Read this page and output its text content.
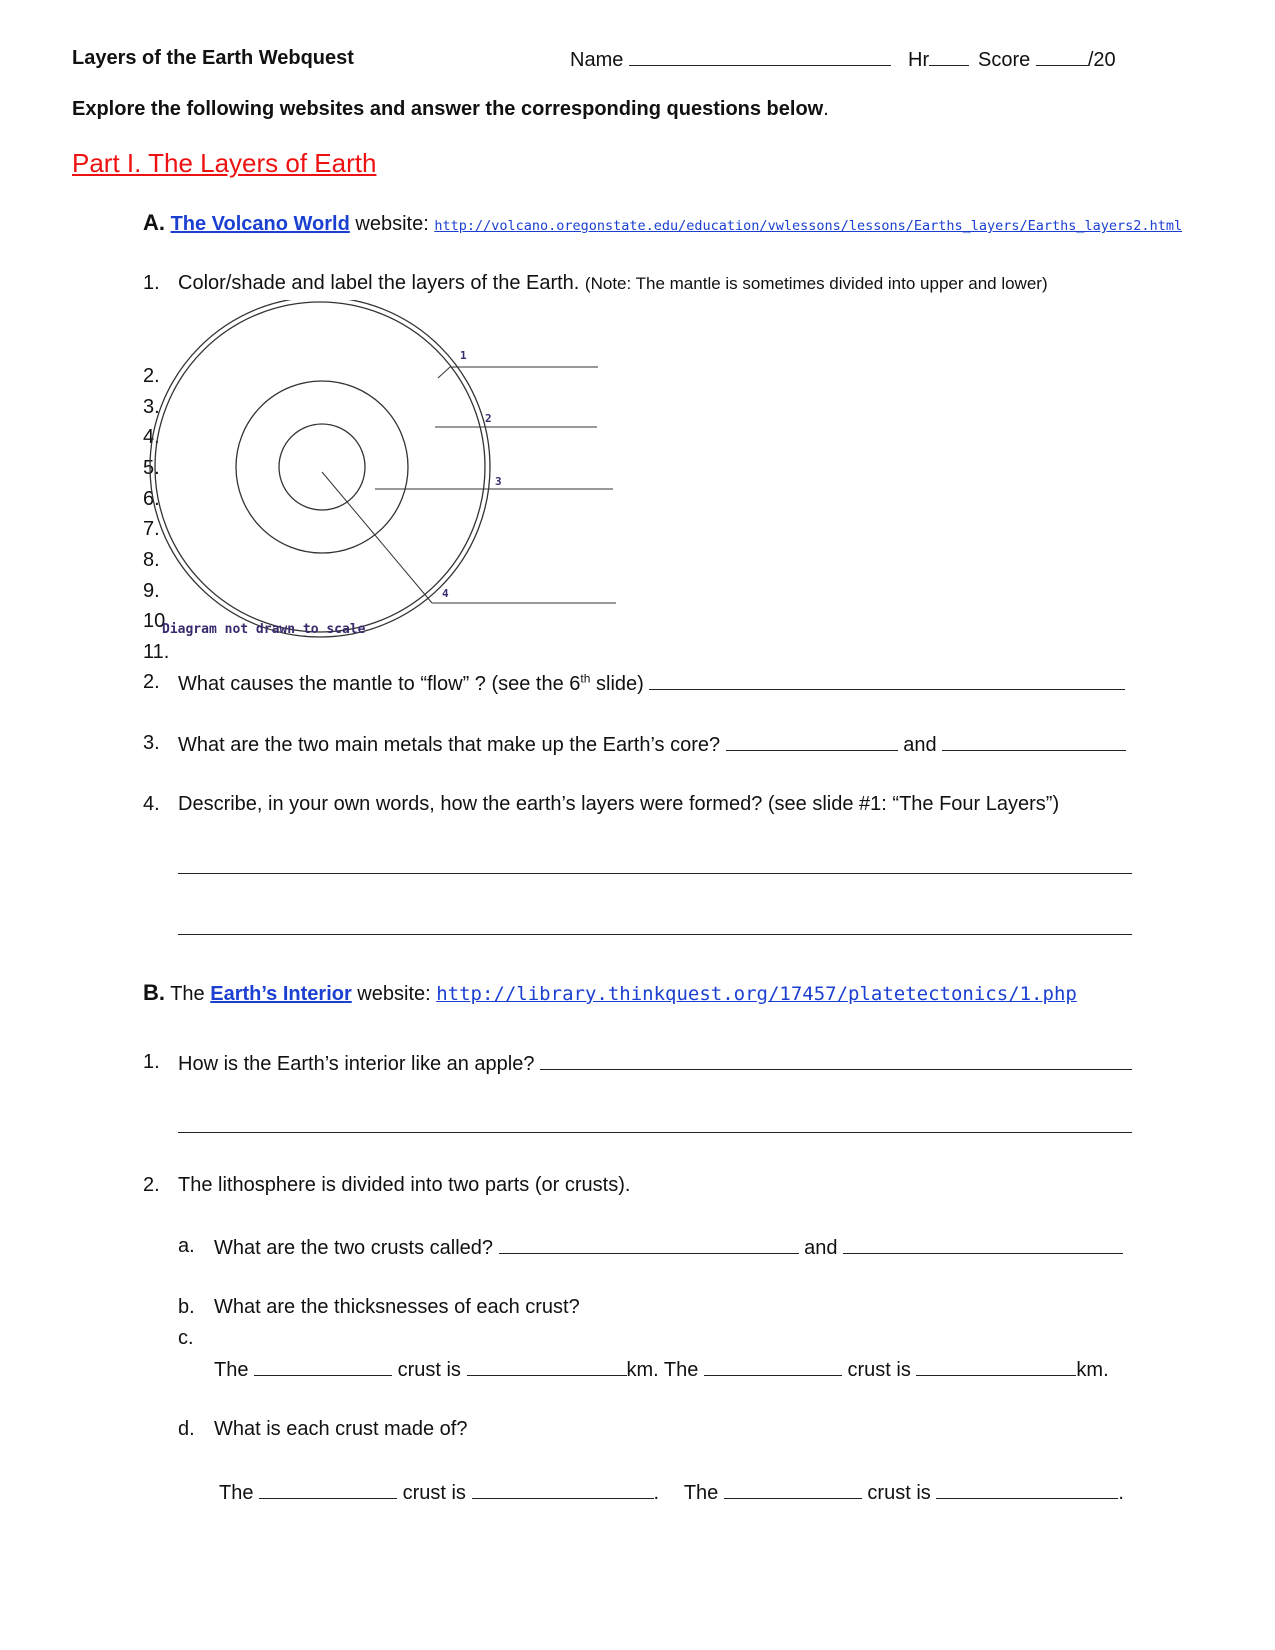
Layers of the Earth Webquest	Name	Hr	Score	/20
Explore the following websites and answer the corresponding questions below.
Part I. The Layers of Earth
A. The Volcano World website: http://volcano.oregonstate.edu/education/vwlessons/lessons/Earths_layers/Earths_layers2.html
1. Color/shade and label the layers of the Earth. (Note: The mantle is sometimes divided into upper and lower)
2.
3.
4.
5.
6.
7.
8.
9.
10.
11.
1
2
3
4
Diagram not drawn to scale
2. What causes the mantle to “flow” ? (see the 6th slide)
3. What are the two main metals that make up the Earth’s core?	and
4. Describe, in your own words, how the earth’s layers were formed? (see slide #1: “The Four Layers”)
B. The Earth’s Interior website: http://library.thinkquest.org/17457/platetectonics/1.php
1. How is the Earth’s interior like an apple?
2. The lithosphere is divided into two parts (or crusts).
a. What are the two crusts called?	and
b. What are the thicksnesses of each crust?
c.
The	crust is	km. The	crust is	km.
d. What is each crust made of?
The	crust is	. The	crust is	.
